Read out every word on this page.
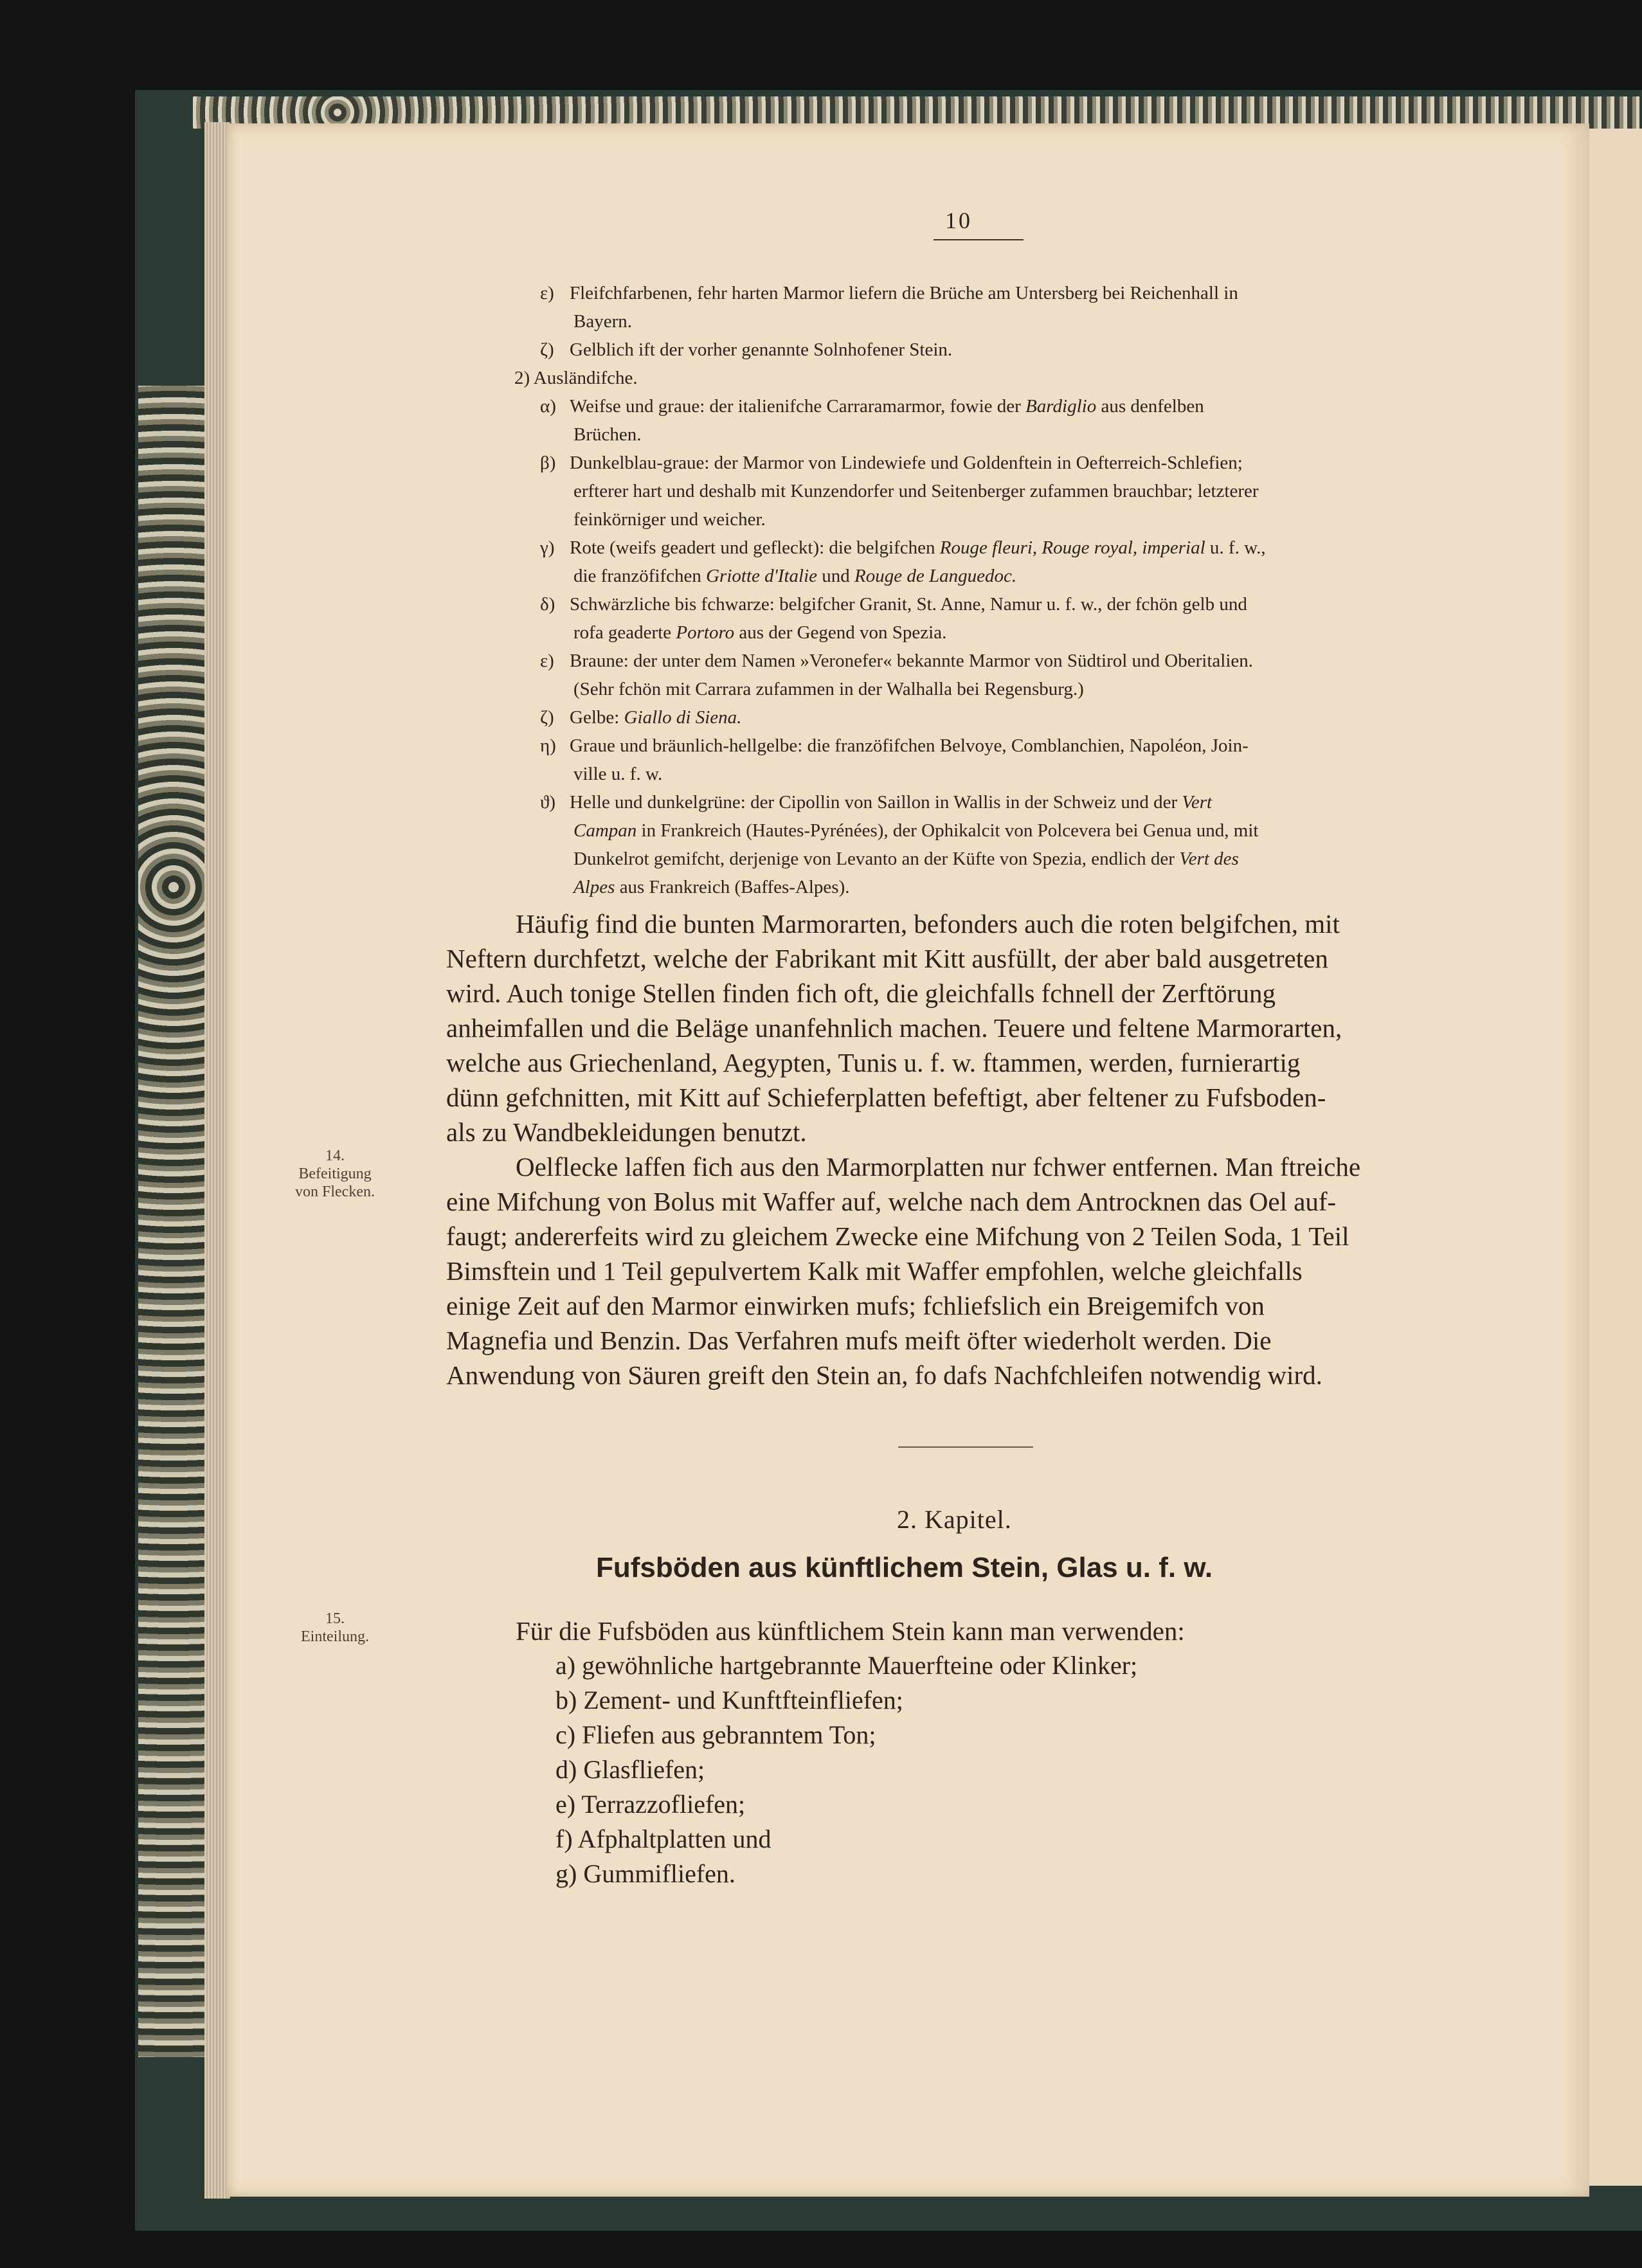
10
ε) Fleifchfarbenen, fehr harten Marmor liefern die Brüche am Untersberg bei Reichenhall in
Bayern.
ζ) Gelblich ift der vorher genannte Solnhofener Stein.
2) Ausländifche.
α) Weifse und graue: der italienifche Carraramarmor, fowie der Bardiglio aus denfelben
Brüchen.
β) Dunkelblau-graue: der Marmor von Lindewiefe und Goldenftein in Oefterreich-Schlefien;
erfterer hart und deshalb mit Kunzendorfer und Seitenberger zufammen brauchbar; letzterer
feinkörniger und weicher.
γ) Rote (weifs geadert und gefleckt): die belgifchen Rouge fleuri, Rouge royal, imperial u. f. w.,
die franzöfifchen Griotte d'Italie und Rouge de Languedoc.
δ) Schwärzliche bis fchwarze: belgifcher Granit, St. Anne, Namur u. f. w., der fchön gelb und
rofa geaderte Portoro aus der Gegend von Spezia.
ε) Braune: der unter dem Namen »Veronefer« bekannte Marmor von Südtirol und Oberitalien.
(Sehr fchön mit Carrara zufammen in der Walhalla bei Regensburg.)
ζ) Gelbe: Giallo di Siena.
η) Graue und bräunlich-hellgelbe: die franzöfifchen Belvoye, Comblanchien, Napoléon, Join-
ville u. f. w.
ϑ) Helle und dunkelgrüne: der Cipollin von Saillon in Wallis in der Schweiz und der Vert
Campan in Frankreich (Hautes-Pyrénées), der Ophikalcit von Polcevera bei Genua und, mit
Dunkelrot gemifcht, derjenige von Levanto an der Küfte von Spezia, endlich der Vert des
Alpes aus Frankreich (Baffes-Alpes).
Häufig find die bunten Marmorarten, befonders auch die roten belgifchen, mit
Neftern durchfetzt, welche der Fabrikant mit Kitt ausfüllt, der aber bald ausgetreten
wird. Auch tonige Stellen finden fich oft, die gleichfalls fchnell der Zerftörung
anheimfallen und die Beläge unanfehnlich machen. Teuere und feltene Marmorarten,
welche aus Griechenland, Aegypten, Tunis u. f. w. ftammen, werden, furnierartig
dünn gefchnitten, mit Kitt auf Schieferplatten befeftigt, aber feltener zu Fufsboden-
als zu Wandbekleidungen benutzt.
14.
Befeitigung
von Flecken.
Oelflecke laffen fich aus den Marmorplatten nur fchwer entfernen. Man ftreiche
eine Mifchung von Bolus mit Waffer auf, welche nach dem Antrocknen das Oel auf-
faugt; andererfeits wird zu gleichem Zwecke eine Mifchung von 2 Teilen Soda, 1 Teil
Bimsftein und 1 Teil gepulvertem Kalk mit Waffer empfohlen, welche gleichfalls
einige Zeit auf den Marmor einwirken mufs; fchliefslich ein Breigemifch von
Magnefia und Benzin. Das Verfahren mufs meift öfter wiederholt werden. Die
Anwendung von Säuren greift den Stein an, fo dafs Nachfchleifen notwendig wird.
2. Kapitel.
Fufsböden aus künftlichem Stein, Glas u. f. w.
15.
Einteilung.	Für die Fufsböden aus künftlichem Stein kann man verwenden:
a) gewöhnliche hartgebrannte Mauerfteine oder Klinker;
b) Zement- und Kunftfteinfliefen;
c) Fliefen aus gebranntem Ton;
d) Glasfliefen;
e) Terrazzofliefen;
f) Afphaltplatten und
g) Gummifliefen.
